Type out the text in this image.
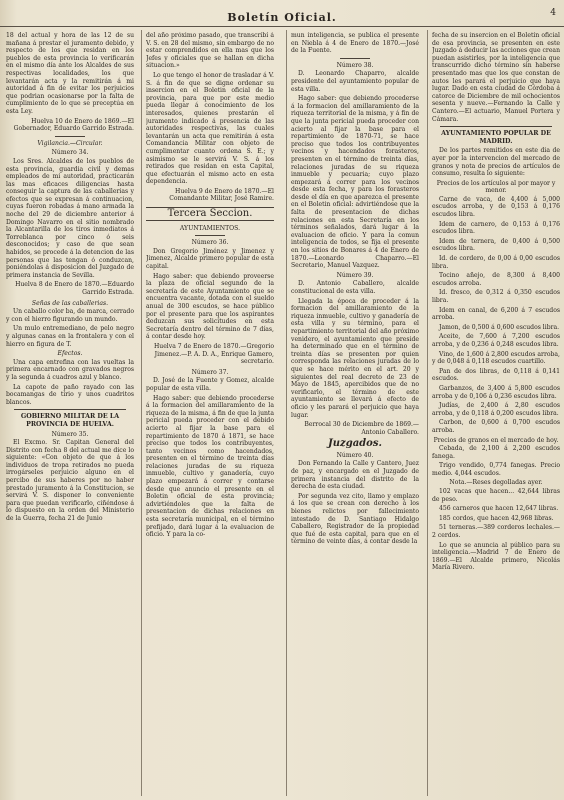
Boletín Oficial.	4

18 del actual y hora de las 12 de su mañana á prestar el juramento debido, y respecto de los que residan en los pueblos de esta provincia lo verificarán en el mismo día ante los Alcaldes de sus respectivas localidades, los que levantarán acta y la remitirán á mi autoridad á fin de evitar los perjuicios que podrian ocasionarse por la falta de cumplimiento de lo que se preceptúa en esta Ley.

Huelva 10 de Enero de 1869.—El Gobernador, Eduardo Garrido Estrada.

Vigilancia.—Circular.
Número 34.

Los Sres. Alcaldes de los pueblos de esta provincia, guardia civil y demas empleados de mi autoridad, practicarán las mas eficaces diligencias hasta conseguir la captura de las caballerias y efectos que se expresan á continuacion, cuyas fueron robadas á mano armada la noche del 29 de diciembre anterior á Domingo Navarro en el sitio nombrado la Alcantarilla de los tíros inmediatos á Torreblanca por cinco ó seis desconocidos; y caso de que sean habidos, se procede á la detencion de las personas que las tengan ó conduzcan, poniéndolas á disposicion del Juzgado de primera instancia de Sevilla.

Huelva 8 de Enero de 1870.—Eduardo Garrido Estrada.

Señas de las caballerias.

Un caballo color ba, de marca, cerrado y con el hierro figurando un mundo.

Un mulo entremediano, de pelo negro y algunas canas en la frontalera y con el hierro en figura de T.

Efectos.

Una capa entrefina con las vueltas la primera encarnado con gravados negros y la segunda á cuadros azul y blanco.

La capote de paño rayado con las bocamangas de tirio y unos cuadritos blancos.

GOBIERNO MILITAR DE LA PROVINCIA DE HUELVA.
Número 35.

El Excmo. Sr. Capitan General del Distrito con fecha 8 del actual me dice lo siguiente: «Con objeto de que á los individuos de tropa retirados no pueda irrogárseles perjuicio alguno en el percibo de sus haberes por no haber prestado juramento á la Constitucion, se servirá V. S. disponer lo conveniente para que puedan verificarlo, ciñéndose á lo dispuesto en la orden del Ministerio de la Guerra, fecha 21 de Junio

del año próximo pasado, que transcribí á V. S. en 28 del mismo, sin embargo de no estar comprendidos en ella mas que los Jefes y oficiales que se hallan en dicha situacion.»

Lo que tengo el honor de trasladar á V. S. á fin de que se digne ordenar su insercion en el Boletin oficial de la provincia, para que por este medio pueda llegar á conocimiento de los interesados, quienes prestarán el juramento indicado á presencia de las autoridades respectivas, las cuales levantarán un acta que remitirán á esta Comandancia Militar con objeto de cumplimentar cuanto ordena S. E.; y asimismo se le servirá V. S. á los retirados que residan en esta Capital, que efectuarán el mismo acto en esta dependencia.

Huelva 9 de Enero de 1870.—El Comandante Militar, José Ramire.

Tercera Seccion.
AYUNTAMIENTOS.
Número 36.

Don Gregorio Jiménez y Jimenez y Jimenez, Alcalde primero popular de esta capital.

Hago saber: que debiendo proveerse la plaza de oficial segundo de la secretaría de este Ayuntamiento que se encuentra vacante, dotada con el sueldo anual de 300 escudos, se hace público por el presente para que los aspirantes deduzcan sus solicitudes en esta Secretaría dentro del término de 7 días, á contar desde hoy.

Huelva 7 de Enero de 1870.—Gregorio Jimenez.—P. A. D. A., Enrique Gamero, secretario.

Número 37.

D. José de la Fuente y Gomez, alcalde popular de esta villa.

Hago saber: que debiendo procederse á la formacion del amillaramiento de la riqueza de la misma, á fin de que la junta pericial pueda proceder con el debido acierto al fijar la base para el repartimiento de 1870 á 1871, se hace preciso que todos los contribuyentes, tanto vecinos como hacendados, presenten en el término de treinta días relaciones juradas de su riqueza inmueble, cultivo y ganadería, cuyo plazo empezará á correr y contarse desde que anuncio el presente en el Boletin oficial de esta provincia; advirtiéndoles que la falta de presentacion de dichas relaciones en esta secretaría municipal, en el término prefijado, dará lugar á la evaluacion de oficio. Y para la co-

mun inteligencia, se publica el presente en Niebla á 4 de Enero de 1870.—José de la Fuente.

Número 38.

D. Leonardo Chaparro, alcalde presidente del ayuntamiento popular de esta villa.

Hago saber: que debiendo procederse á la formacion del amillaramiento de la riqueza territorial de la misma, y á fin de que la junta pericial pueda proceder con acierto al fijar la base para el repartimiento de 1870-71, se hace preciso que todos los contribuyentes vecinos y hacendados forasteros, presenten en el término de treinta días, relaciones juradas de su riqueza inmueble y pecuaria; cuyo plazo empezará á correr para los vecinos desde esta fecha, y para los forasteros desde el día en que aparezca el presente en el Boletin oficial: advirtiéndose que la falta de presentacion de dichas relaciones en esta Secretaría en los términos señalados, dará lugar á la evaluacion de oficio. Y para la comun inteligencia de todos, se fija el presente en los sitios de Bonares á 4 de Enero de 1870.—Leonardo Chaparro.—El Secretario, Manuel Vazquez.

Número 39.

D. Antonio Caballero, alcalde constitucional de esta villa.

Llegada la época de proceder á la formacion del amillaramiento de la riqueza inmueble, cultivo y ganadería de esta villa y su término, para el repartimiento territorial del año próximo venidero, el ayuntamiento que preside ha determinado que en el término de treinta días se presenten por quien corresponda las relaciones juradas de lo que se hace mérito en el art. 20 y siguientes del real decreto de 23 de Mayo de 1845, apercibidos que de no verificarlo, el término de este ayuntamiento se llevará á efecto de oficio y les parará el perjuicio que haya lugar.

Berrocal 30 de Diciembre de 1869.—Antonio Caballero.

Juzgados.
Número 40.

Don Fernando la Calle y Cantero, Juez de paz, y encargado en el Juzgado de primera instancia del distrito de la derecha de esta ciudad.

Por segunda vez cito, llamo y emplazo á los que se crean con derecho á los bienes relictos por fallecimiento intestado de D. Santiago Hidalgo Caballero, Registrador de la propiedad que fué de esta capital, para que en el término de veinte días, á contar desde la

fecha de su insercion en el Boletín oficial de esa provincia, se presenten en este Juzgado á deducir las acciones que crean puedan asistirles, por la inteligencia que transcurrido dicho término sin haberse presentado mas que los que constan de autos les parará el perjuicio que haya lugar. Dado en esta ciudad de Córdoba á catorce de Diciembre de mil ochocientos sesenta y nueve.—Fernando la Calle y Cantero.—El actuario, Manuel Portera y Cámara.

AYUNTAMIENTO POPULAR DE MADRID.

De los partes remitidos en este dia de ayer por la intervencion del mercado de granos y nota de precios de artículos de consumo, resulta lo siguiente:

Precios de los artículos al por mayor y menor.

Carne de vaca, de 4,400 á 5,000 escudos arroba, y de 0,153 á 0,176 escudos libra.

Idem de carnero, de 0,153 á 0,176 escudos libra.

Idem de ternera, de 0,400 á 0,500 escudos libra.

Id. de cordero, de 0,00 á 0,00 escudos libra.

Tocino añejo, de 8,300 á 8,400 escudos arroba.

Id. fresco, de 0,312 á 0,350 escudos libra.

Idem en canal, de 6,200 á 7 escudos arroba.

Jamon, de 0,500 á 0,600 escudos libra.

Aceite, de 7,600 á 7,200 escudos arroba, y de 0,236 á 0,248 escudos libra.

Vino, de 1,600 á 2,800 escudos arroba, y de 0,048 á 0,118 escudos cuartillo.

Pan de dos libras, de 0,118 á 0,141 escudos.

Garbanzos, de 3,400 á 5,800 escudos arroba y de 0,106 á 0,236 escudos libra.

Judías, de 2,400 á 2,80 escudos arroba, y de 0,118 á 0,200 escudos libra.

Carbon, de 0,600 á 0,700 escudos arroba.

Precios de granos en el mercado de hoy.

Cebada, de 2,100 á 2,200 escudos fanega.

Trigo vendido, 0,774 fanegas. Precio medio. 4,044 escudos.

Nota.—Reses degolladas ayer.

102 vacas que hacen... 42,644 libras de peso.

456 carneros que hacen 12,647 libras.

185 cordos, que hacen 42,968 libras.

51 terneras.—389 corderos lechales.—2 cerdos.

Lo que se anuncia al público para su inteligencia.—Madrid 7 de Enero de 1869.—El Alcalde primero, Nicolás María Rivero.
